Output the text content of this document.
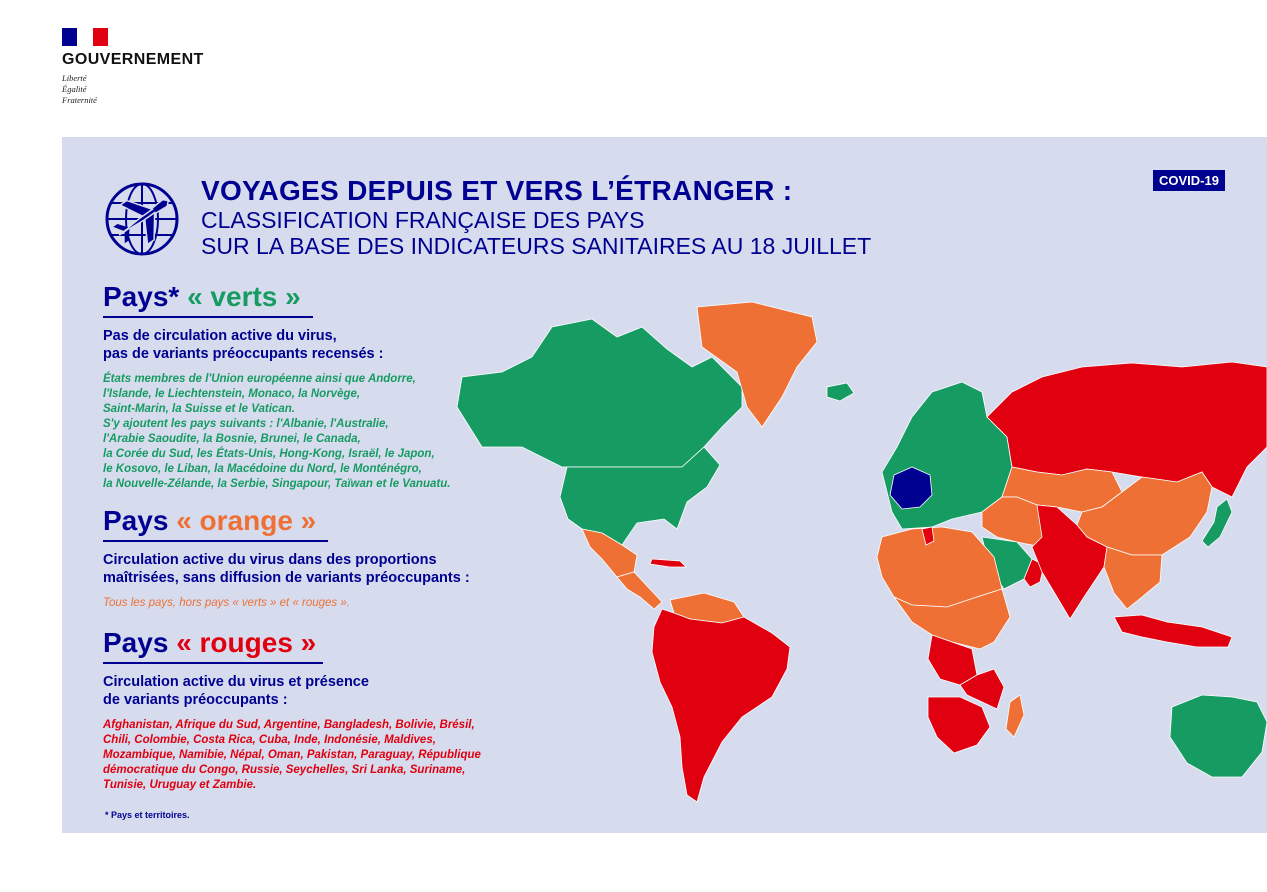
GOUVERNEMENT
Liberté
Égalité
Fraternité
COVID-19
VOYAGES DEPUIS ET VERS L’ÉTRANGER :
CLASSIFICATION FRANÇAISE DES PAYS
SUR LA BASE DES INDICATEURS SANITAIRES AU 18 JUILLET
Pays* « verts »
Pas de circulation active du virus,
pas de variants préoccupants recensés :
États membres de l'Union européenne ainsi que Andorre,
l'Islande, le Liechtenstein, Monaco, la Norvège,
Saint-Marin, la Suisse et le Vatican.
S'y ajoutent les pays suivants : l'Albanie, l'Australie,
l'Arabie Saoudite, la Bosnie, Brunei, le Canada,
la Corée du Sud, les États-Unis, Hong-Kong, Israël, le Japon,
le Kosovo, le Liban, la Macédoine du Nord, le Monténégro,
la Nouvelle-Zélande, la Serbie, Singapour, Taïwan et le Vanuatu.
Pays « orange »
Circulation active du virus dans des proportions
maîtrisées, sans diffusion de variants préoccupants :
Tous les pays, hors pays « verts » et « rouges ».
Pays « rouges »
Circulation active du virus et présence
de variants préoccupants :
Afghanistan, Afrique du Sud, Argentine, Bangladesh, Bolivie, Brésil,
Chili, Colombie, Costa Rica, Cuba, Inde, Indonésie, Maldives,
Mozambique, Namibie, Népal, Oman, Pakistan, Paraguay, République
démocratique du Congo, Russie, Seychelles, Sri Lanka, Suriname,
Tunisie, Uruguay et Zambie.
* Pays et territoires.
